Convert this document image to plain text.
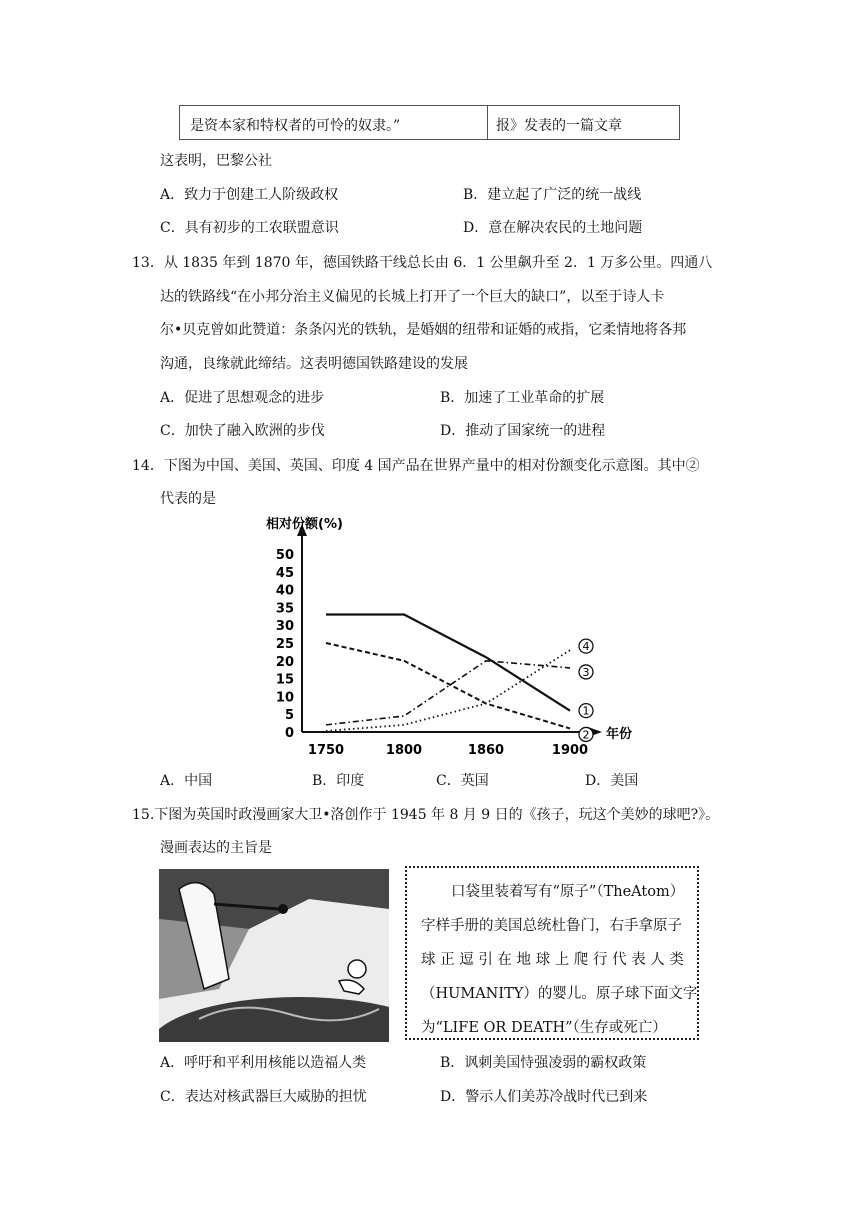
是资本家和特权者的可怜的奴隶。”	报》发表的一篇文章
这表明，巴黎公社
A．致力于创建工人阶级政权	B．建立起了广泛的统一战线
C．具有初步的工农联盟意识	D．意在解决农民的土地问题
13．从 1835 年到 1870 年，德国铁路干线总长由 6．1 公里飙升至 2．1 万多公里。四通八
达的铁路线“在小邦分治主义偏见的长城上打开了一个巨大的缺口”，以至于诗人卡
尔•贝克曾如此赞道：条条闪光的铁轨，是婚姻的纽带和证婚的戒指，它柔情地将各邦
沟通，良缘就此缔结。这表明德国铁路建设的发展
A．促进了思想观念的进步	B．加速了工业革命的扩展
C．加快了融入欧洲的步伐	D．推动了国家统一的进程
14．下图为中国、美国、英国、印度 4 国产品在世界产量中的相对份额变化示意图。其中②
代表的是
相对份额(%)
年份
0
5
10
15
20
25
30
35
40
45
50
1750	1800	1860	1900
1
2
3
4
A．中国	B．印度	C．英国	D．美国
15.下图为英国时政漫画家大卫•洛创作于 1945 年 8 月 9 日的《孩子，玩这个美妙的球吧?》。
漫画表达的主旨是
口袋里装着写有“原子”（TheAtom）
字样手册的美国总统杜鲁门，右手拿原子
球 正 逗 引 在 地 球 上 爬 行 代 表 人 类
（HUMANITY）的婴儿。原子球下面文字
为“LIFE OR DEATH”（生存或死亡）
A．呼吁和平利用核能以造福人类	B．讽刺美国恃强凌弱的霸权政策
C．表达对核武器巨大威胁的担忧	D．警示人们美苏冷战时代已到来
